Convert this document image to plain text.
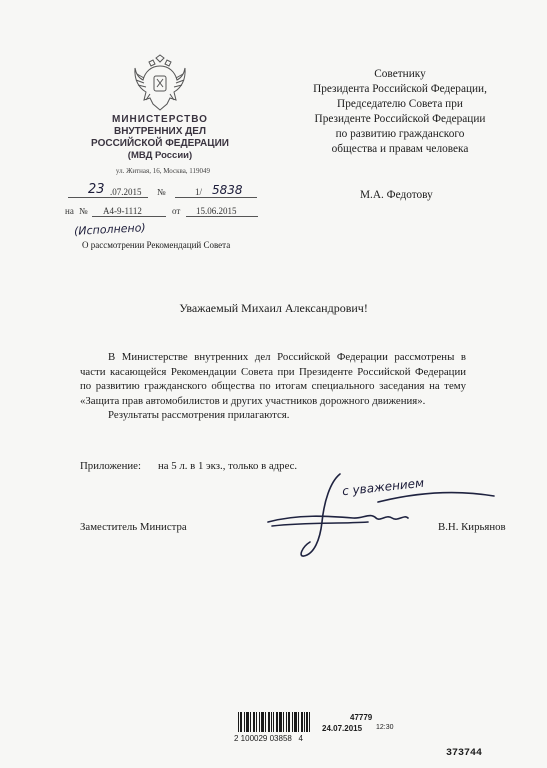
МИНИСТЕРСТВО
ВНУТРЕННИХ ДЕЛ
РОССИЙСКОЙ ФЕДЕРАЦИИ
(МВД России)
ул. Житная, 16, Москва, 119049
23 .07.2015 №	1/ 5838
на № А4-9-1112	от 15.06.2015
(Исполнено)
О рассмотрении Рекомендаций Совета
Советнику
Президента Российской Федерации,
Председателю Совета при
Президенте Российской Федерации
по развитию гражданского
общества и правам человека
М.А. Федотову
Уважаемый Михаил Александрович!

В Министерстве внутренних дел Российской Федерации рассмотрены в части касающейся Рекомендации Совета при Президенте Российской Федерации по развитию гражданского общества по итогам специального заседания на тему «Защита прав автомобилистов и других участников дорожного движения».

Результаты рассмотрения прилагаются.

Приложение: на 5 л. в 1 экз., только в адрес.
Заместитель Министра
с уважением
В.Н. Кирьянов
2 100029 03858   4
47779
24.07.2015 12:30
373744
